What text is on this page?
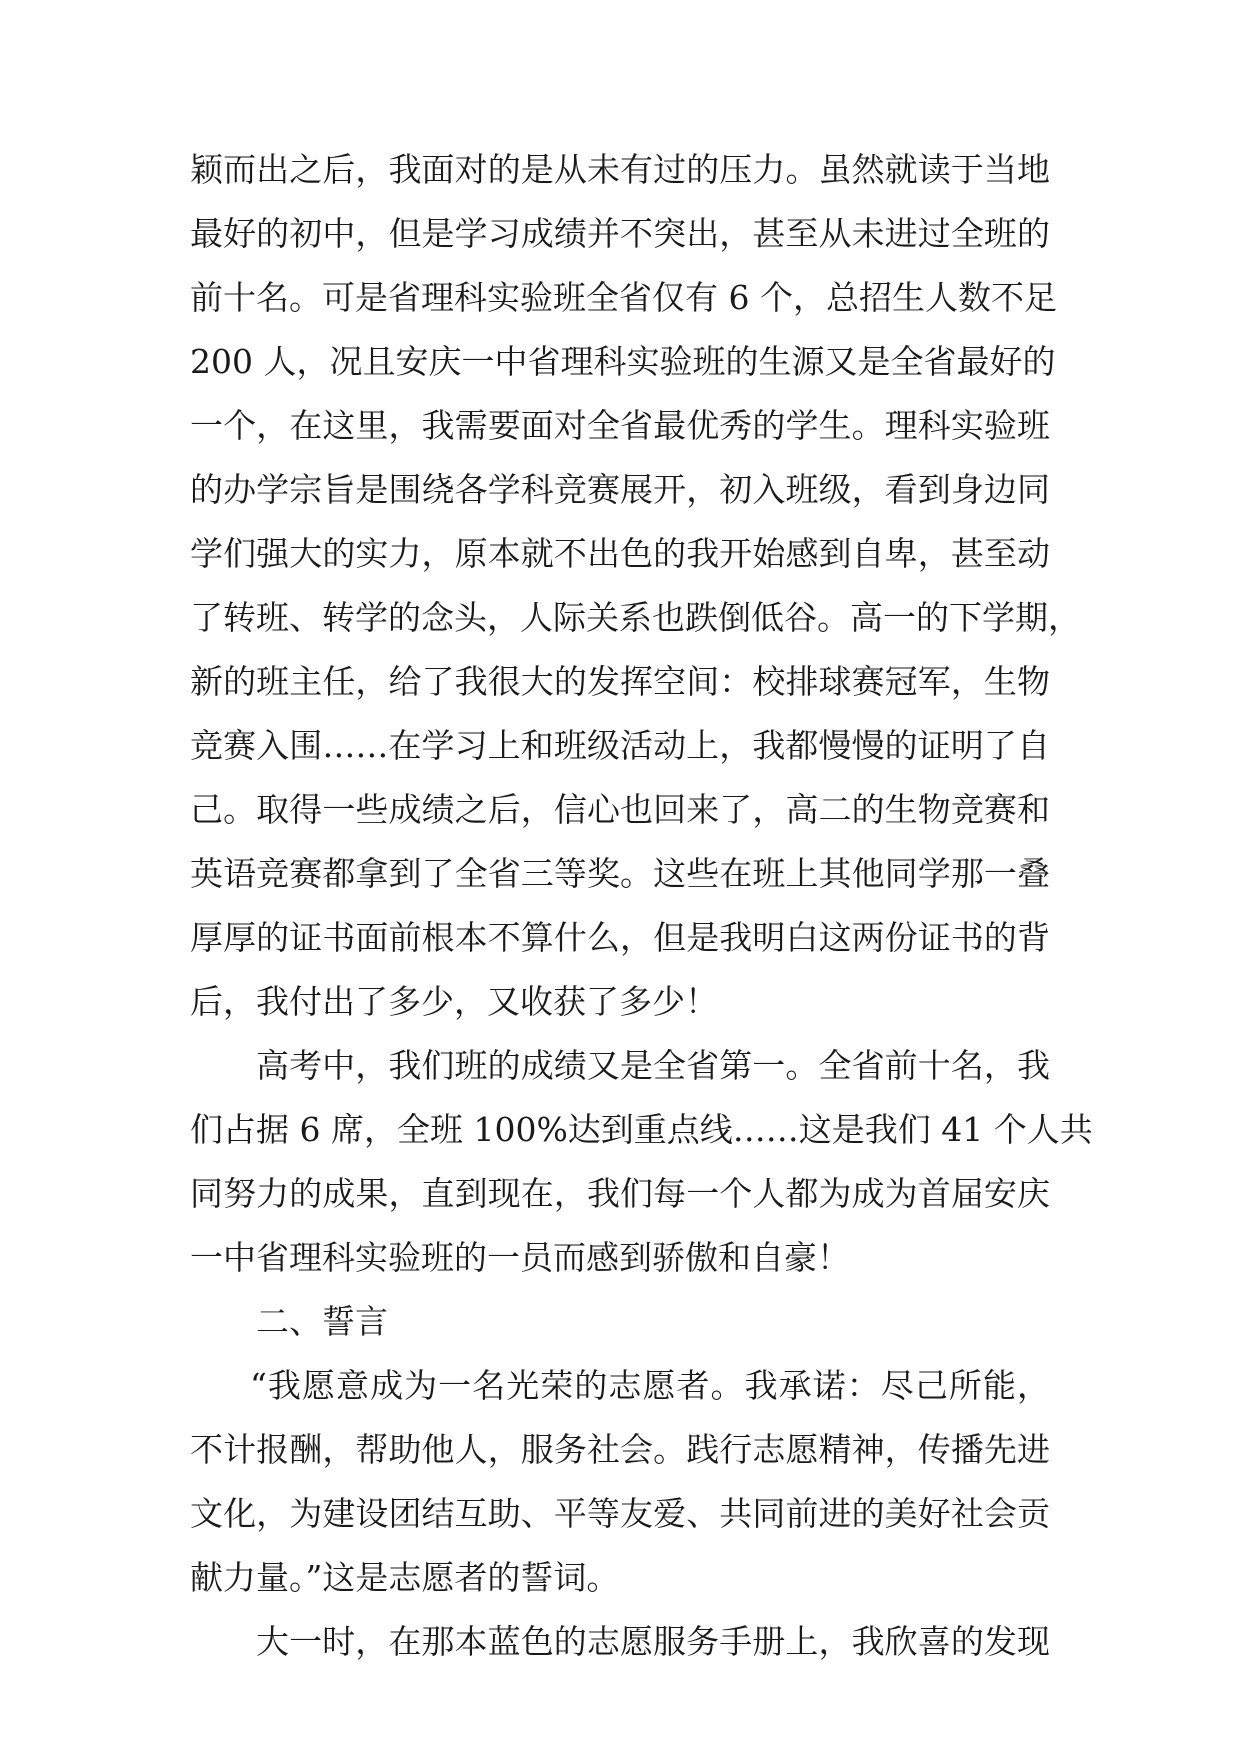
颖而出之后，我面对的是从未有过的压力。虽然就读于当地
最好的初中，但是学习成绩并不突出，甚至从未进过全班的
前十名。可是省理科实验班全省仅有 6 个，总招生人数不足
200 人，况且安庆一中省理科实验班的生源又是全省最好的
一个，在这里，我需要面对全省最优秀的学生。理科实验班
的办学宗旨是围绕各学科竞赛展开，初入班级，看到身边同
学们强大的实力，原本就不出色的我开始感到自卑，甚至动
了转班、转学的念头，人际关系也跌倒低谷。高一的下学期，
新的班主任，给了我很大的发挥空间：校排球赛冠军，生物
竞赛入围……在学习上和班级活动上，我都慢慢的证明了自
己。取得一些成绩之后，信心也回来了，高二的生物竞赛和
英语竞赛都拿到了全省三等奖。这些在班上其他同学那一叠
厚厚的证书面前根本不算什么，但是我明白这两份证书的背
后，我付出了多少，又收获了多少！
高考中，我们班的成绩又是全省第一。全省前十名，我
们占据 6 席，全班 100%达到重点线……这是我们 41 个人共
同努力的成果，直到现在，我们每一个人都为成为首届安庆
一中省理科实验班的一员而感到骄傲和自豪！
二、誓言
“我愿意成为一名光荣的志愿者。我承诺：尽己所能，
不计报酬，帮助他人，服务社会。践行志愿精神，传播先进
文化，为建设团结互助、平等友爱、共同前进的美好社会贡
献力量。”这是志愿者的誓词。
大一时，在那本蓝色的志愿服务手册上，我欣喜的发现
